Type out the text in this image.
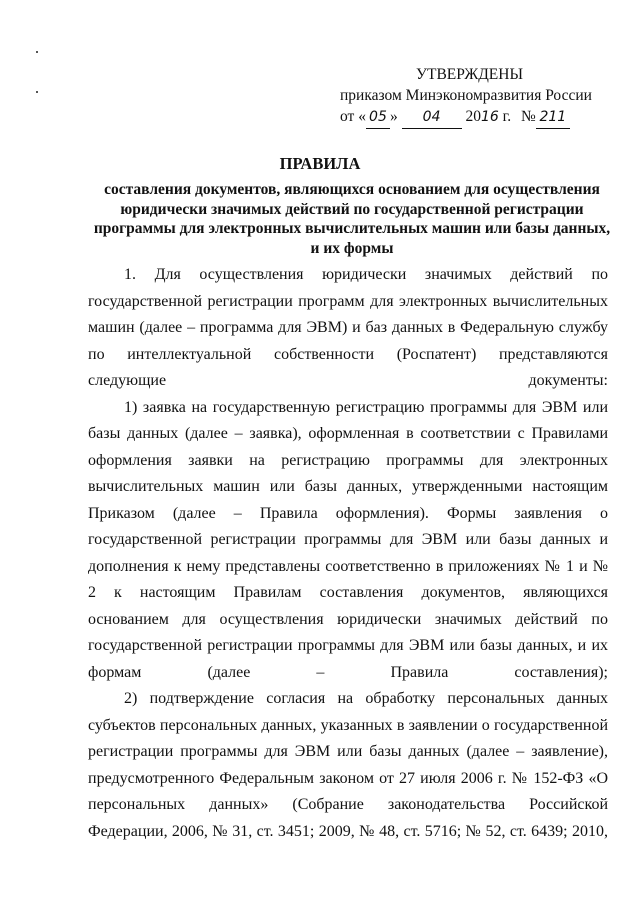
УТВЕРЖДЕНЫ
приказом Минэкономразвития России
от « 05 » 04 2016 г. № 211
ПРАВИЛА
составления документов, являющихся основанием для осуществления юридически значимых действий по государственной регистрации программы для электронных вычислительных машин или базы данных, и их формы

1. Для осуществления юридически значимых действий по государственной регистрации программ для электронных вычислительных машин (далее – программа для ЭВМ) и баз данных в Федеральную службу по интеллектуальной собственности (Роспатент) представляются следующие документы:

1) заявка на государственную регистрацию программы для ЭВМ или базы данных (далее – заявка), оформленная в соответствии с Правилами оформления заявки на регистрацию программы для электронных вычислительных машин или базы данных, утвержденными настоящим Приказом (далее – Правила оформления). Формы заявления о государственной регистрации программы для ЭВМ или базы данных и дополнения к нему представлены соответственно в приложениях № 1 и № 2 к настоящим Правилам составления документов, являющихся основанием для осуществления юридически значимых действий по государственной регистрации программы для ЭВМ или базы данных, и их формам (далее – Правила составления);

2) подтверждение согласия на обработку персональных данных субъектов персональных данных, указанных в заявлении о государственной регистрации программы для ЭВМ или базы данных (далее – заявление), предусмотренного Федеральным законом от 27 июля 2006 г. № 152-ФЗ «О персональных данных» (Собрание законодательства Российской Федерации, 2006, № 31, ст. 3451; 2009, № 48, ст. 5716; № 52, ст. 6439; 2010,
